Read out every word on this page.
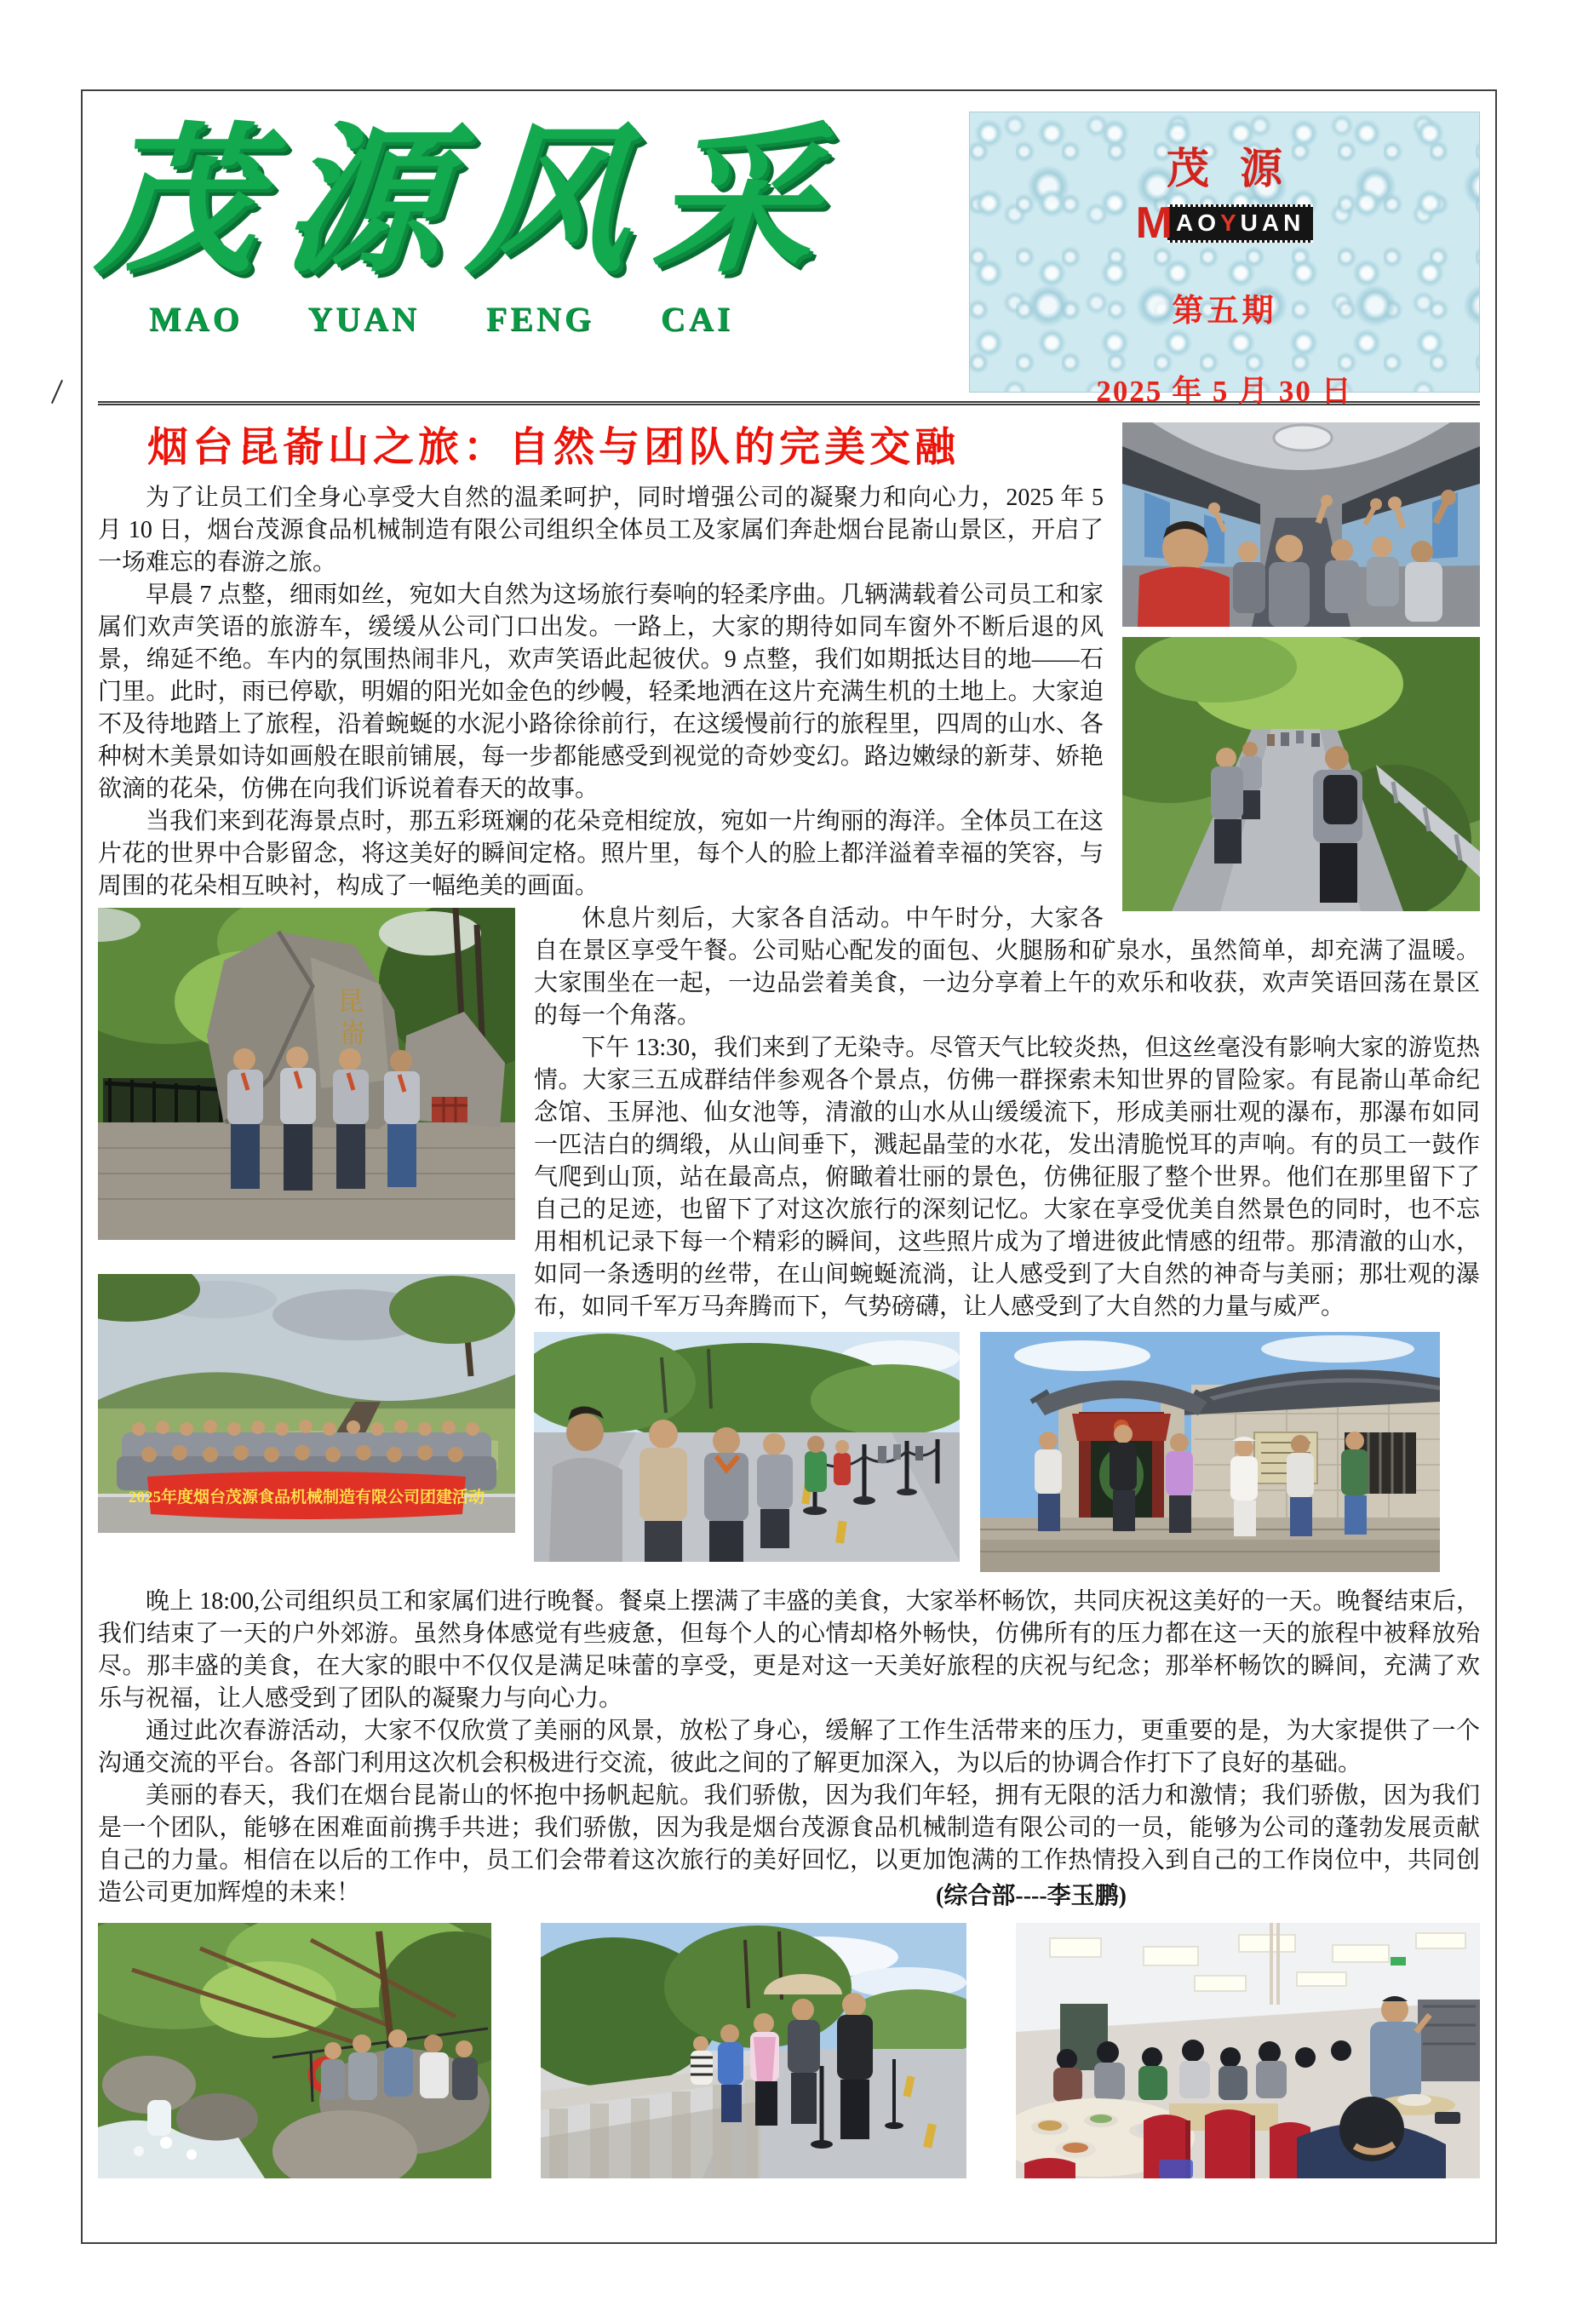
茂源风采
MAO YUAN FENG CAI
茂源
M AOYUAN
第五期
2025 年 5 月 30 日
烟台昆嵛山之旅：自然与团队的完美交融

为了让员工们全身心享受大自然的温柔呵护，同时增强公司的凝聚力和向心力，2025 年 5 月 10 日，烟台茂源食品机械制造有限公司组织全体员工及家属们奔赴烟台昆嵛山景区，开启了一场难忘的春游之旅。

早晨 7 点整，细雨如丝，宛如大自然为这场旅行奏响的轻柔序曲。几辆满载着公司员工和家属们欢声笑语的旅游车，缓缓从公司门口出发。一路上，大家的期待如同车窗外不断后退的风景，绵延不绝。车内的氛围热闹非凡，欢声笑语此起彼伏。9 点整，我们如期抵达目的地——石门里。此时，雨已停歇，明媚的阳光如金色的纱幔，轻柔地洒在这片充满生机的土地上。大家迫不及待地踏上了旅程，沿着蜿蜒的水泥小路徐徐前行，在这缓慢前行的旅程里，四周的山水、各种树木美景如诗如画般在眼前铺展，每一步都能感受到视觉的奇妙变幻。路边嫩绿的新芽、娇艳欲滴的花朵，仿佛在向我们诉说着春天的故事。

当我们来到花海景点时，那五彩斑斓的花朵竞相绽放，宛如一片绚丽的海洋。全体员工在这片花的世界中合影留念，将这美好的瞬间定格。照片里，每个人的脸上都洋溢着幸福的笑容，与周围的花朵相互映衬，构成了一幅绝美的画面。

昆
嵛
2025年度烟台茂源食品机械制造有限公司团建活动

休息片刻后，大家各自活动。中午时分，大家各自在景区享受午餐。公司贴心配发的面包、火腿肠和矿泉水，虽然简单，却充满了温暖。大家围坐在一起，一边品尝着美食，一边分享着上午的欢乐和收获，欢声笑语回荡在景区的每一个角落。

下午 13:30，我们来到了无染寺。尽管天气比较炎热，但这丝毫没有影响大家的游览热情。大家三五成群结伴参观各个景点，仿佛一群探索未知世界的冒险家。有昆嵛山革命纪念馆、玉屏池、仙女池等，清澈的山水从山缓缓流下，形成美丽壮观的瀑布，那瀑布如同一匹洁白的绸缎，从山间垂下，溅起晶莹的水花，发出清脆悦耳的声响。有的员工一鼓作气爬到山顶，站在最高点，俯瞰着壮丽的景色，仿佛征服了整个世界。他们在那里留下了自己的足迹，也留下了对这次旅行的深刻记忆。大家在享受优美自然景色的同时，也不忘用相机记录下每一个精彩的瞬间，这些照片成为了增进彼此情感的纽带。那清澈的山水，如同一条透明的丝带，在山间蜿蜒流淌，让人感受到了大自然的神奇与美丽；那壮观的瀑布，如同千军万马奔腾而下，气势磅礴，让人感受到了大自然的力量与威严。

晚上 18:00,公司组织员工和家属们进行晚餐。餐桌上摆满了丰盛的美食，大家举杯畅饮，共同庆祝这美好的一天。晚餐结束后，我们结束了一天的户外郊游。虽然身体感觉有些疲惫，但每个人的心情却格外畅快，仿佛所有的压力都在这一天的旅程中被释放殆尽。那丰盛的美食，在大家的眼中不仅仅是满足味蕾的享受，更是对这一天美好旅程的庆祝与纪念；那举杯畅饮的瞬间，充满了欢乐与祝福，让人感受到了团队的凝聚力与向心力。

通过此次春游活动，大家不仅欣赏了美丽的风景，放松了身心，缓解了工作生活带来的压力，更重要的是，为大家提供了一个沟通交流的平台。各部门利用这次机会积极进行交流，彼此之间的了解更加深入，为以后的协调合作打下了良好的基础。

美丽的春天，我们在烟台昆嵛山的怀抱中扬帆起航。我们骄傲，因为我们年轻，拥有无限的活力和激情；我们骄傲，因为我们是一个团队，能够在困难面前携手共进；我们骄傲，因为我是烟台茂源食品机械制造有限公司的一员，能够为公司的蓬勃发展贡献自己的力量。相信在以后的工作中，员工们会带着这次旅行的美好回忆，以更加饱满的工作热情投入到自己的工作岗位中，共同创造公司更加辉煌的未来！	(综合部----李玉鹏)
